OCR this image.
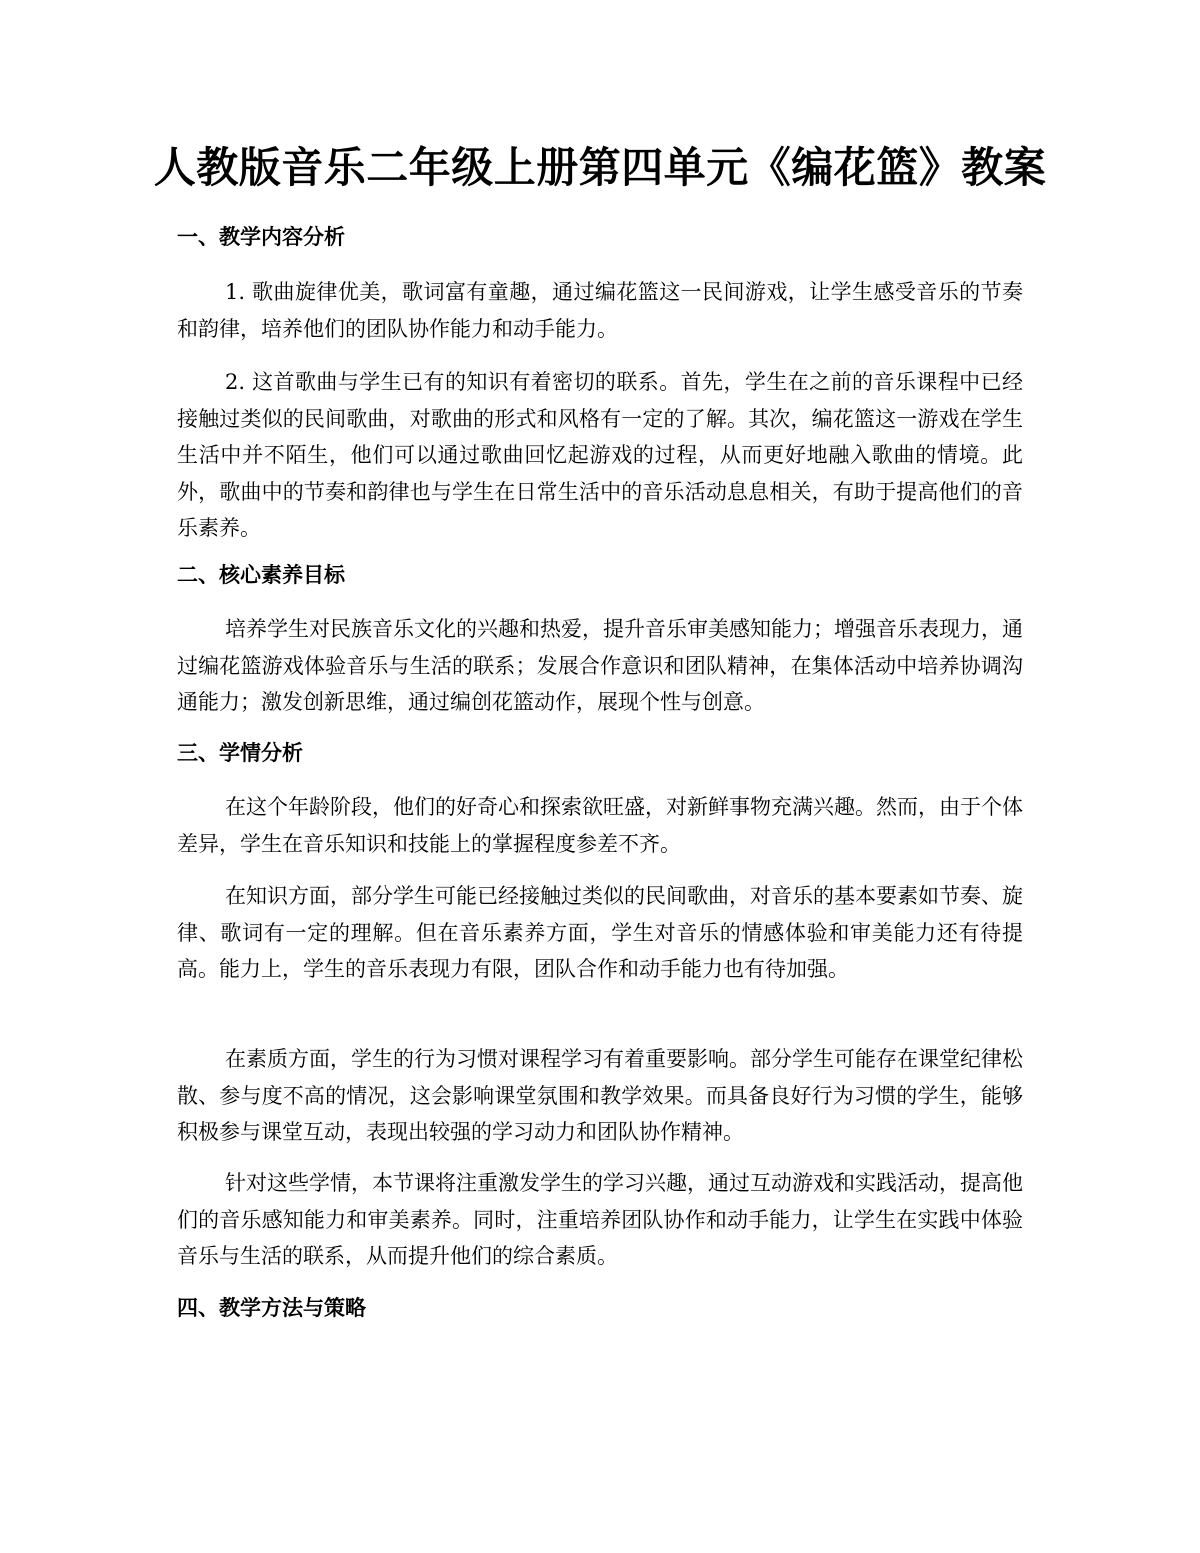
人教版音乐二年级上册第四单元《编花篮》教案
一、教学内容分析

1. 歌曲旋律优美，歌词富有童趣，通过编花篮这一民间游戏，让学生感受音乐的节奏和韵律，培养他们的团队协作能力和动手能力。

2. 这首歌曲与学生已有的知识有着密切的联系。首先，学生在之前的音乐课程中已经接触过类似的民间歌曲，对歌曲的形式和风格有一定的了解。其次，编花篮这一游戏在学生生活中并不陌生，他们可以通过歌曲回忆起游戏的过程，从而更好地融入歌曲的情境。此外，歌曲中的节奏和韵律也与学生在日常生活中的音乐活动息息相关，有助于提高他们的音乐素养。

二、核心素养目标

培养学生对民族音乐文化的兴趣和热爱，提升音乐审美感知能力；增强音乐表现力，通过编花篮游戏体验音乐与生活的联系；发展合作意识和团队精神，在集体活动中培养协调沟通能力；激发创新思维，通过编创花篮动作，展现个性与创意。

三、学情分析

在这个年龄阶段，他们的好奇心和探索欲旺盛，对新鲜事物充满兴趣。然而，由于个体差异，学生在音乐知识和技能上的掌握程度参差不齐。

在知识方面，部分学生可能已经接触过类似的民间歌曲，对音乐的基本要素如节奏、旋律、歌词有一定的理解。但在音乐素养方面，学生对音乐的情感体验和审美能力还有待提高。能力上，学生的音乐表现力有限，团队合作和动手能力也有待加强。

在素质方面，学生的行为习惯对课程学习有着重要影响。部分学生可能存在课堂纪律松散、参与度不高的情况，这会影响课堂氛围和教学效果。而具备良好行为习惯的学生，能够积极参与课堂互动，表现出较强的学习动力和团队协作精神。

针对这些学情，本节课将注重激发学生的学习兴趣，通过互动游戏和实践活动，提高他们的音乐感知能力和审美素养。同时，注重培养团队协作和动手能力，让学生在实践中体验音乐与生活的联系，从而提升他们的综合素质。

四、教学方法与策略
